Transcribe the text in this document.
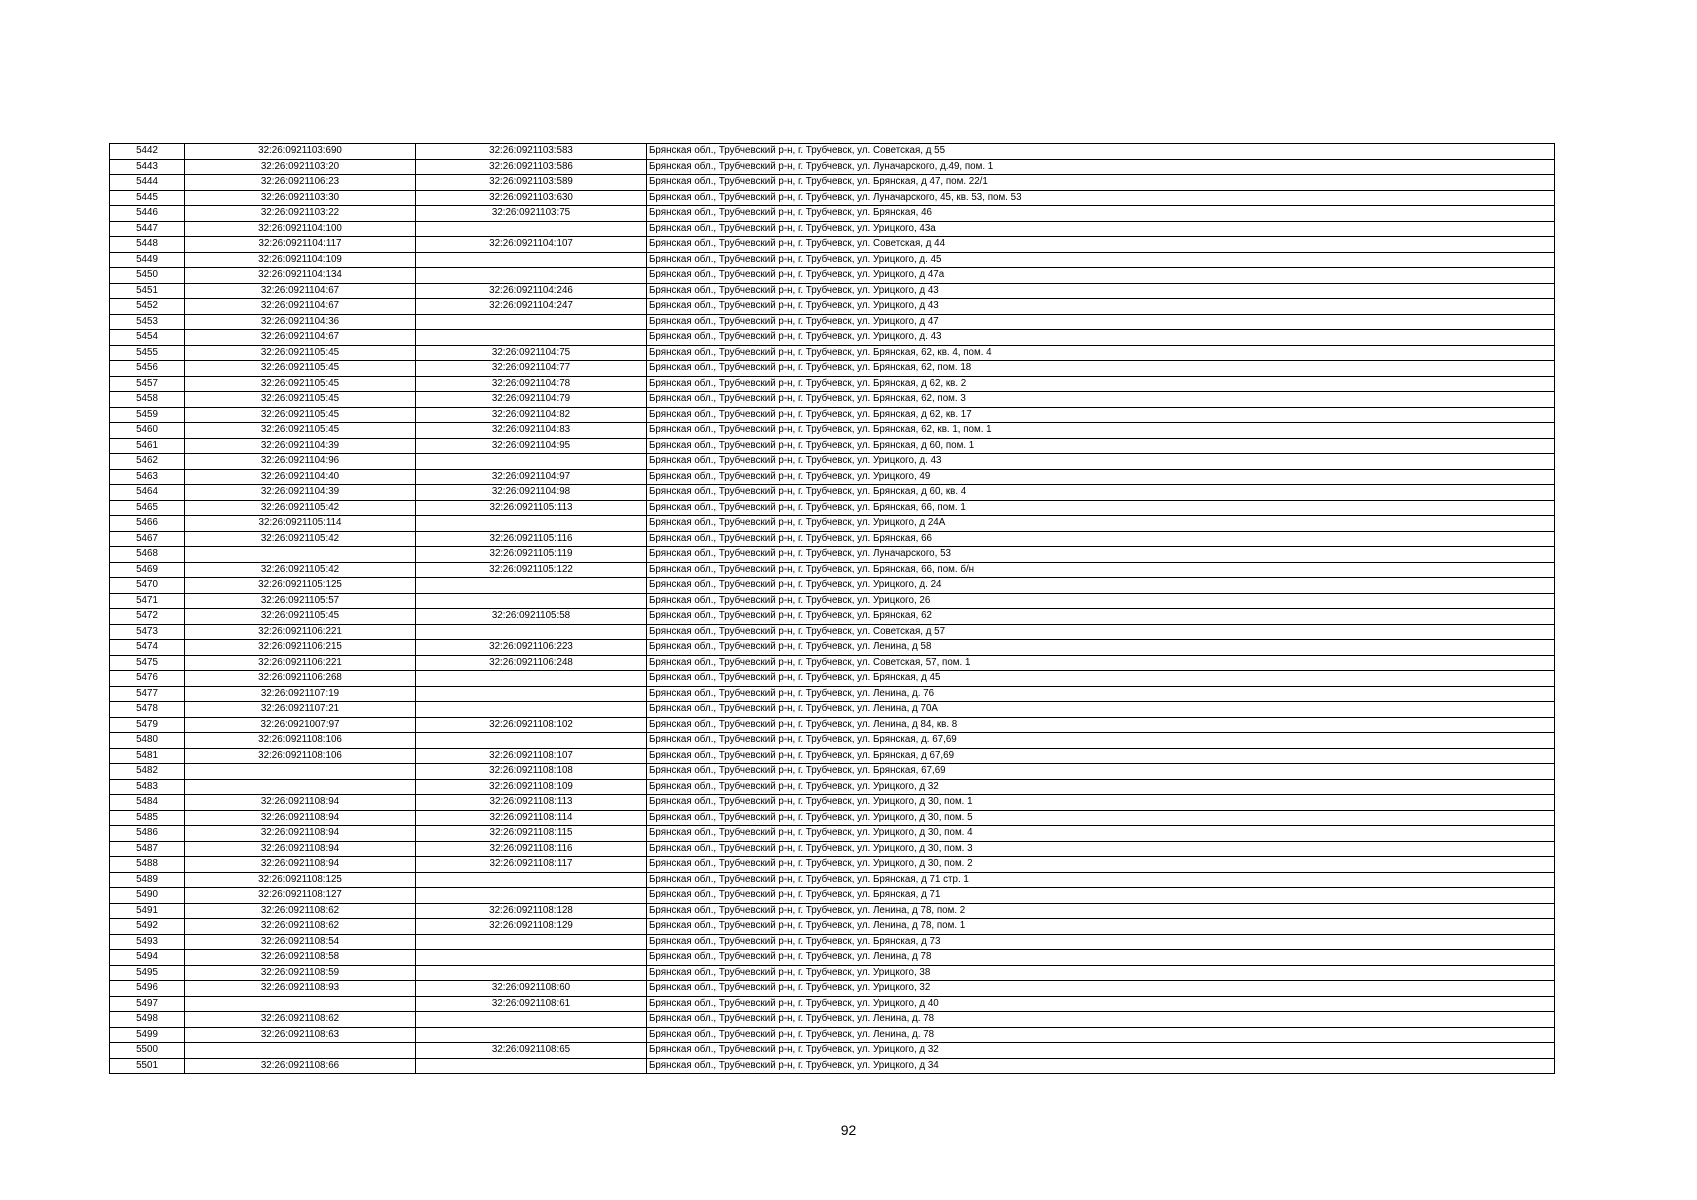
5442	32:26:0921103:690	32:26:0921103:583	Брянская обл., Трубчевский р-н, г. Трубчевск, ул. Советская, д 55
5443	32:26:0921103:20	32:26:0921103:586	Брянская обл., Трубчевский р-н, г. Трубчевск, ул. Луначарского, д.49, пом. 1
5444	32:26:0921106:23	32:26:0921103:589	Брянская обл., Трубчевский р-н, г. Трубчевск, ул. Брянская, д 47, пом. 22/1
5445	32:26:0921103:30	32:26:0921103:630	Брянская обл., Трубчевский р-н, г. Трубчевск, ул. Луначарского, 45, кв. 53, пом. 53
5446	32:26:0921103:22	32:26:0921103:75	Брянская обл., Трубчевский р-н, г. Трубчевск, ул. Брянская, 46
5447	32:26:0921104:100		Брянская обл., Трубчевский р-н, г. Трубчевск, ул. Урицкого, 43а
5448	32:26:0921104:117	32:26:0921104:107	Брянская обл., Трубчевский р-н, г. Трубчевск, ул. Советская, д 44
5449	32:26:0921104:109		Брянская обл., Трубчевский р-н, г. Трубчевск, ул. Урицкого, д. 45
5450	32:26:0921104:134		Брянская обл., Трубчевский р-н, г. Трубчевск, ул. Урицкого, д 47а
5451	32:26:0921104:67	32:26:0921104:246	Брянская обл., Трубчевский р-н, г. Трубчевск, ул. Урицкого, д 43
5452	32:26:0921104:67	32:26:0921104:247	Брянская обл., Трубчевский р-н, г. Трубчевск, ул. Урицкого, д 43
5453	32:26:0921104:36		Брянская обл., Трубчевский р-н, г. Трубчевск, ул. Урицкого, д 47
5454	32:26:0921104:67		Брянская обл., Трубчевский р-н, г. Трубчевск, ул. Урицкого, д. 43
5455	32:26:0921105:45	32:26:0921104:75	Брянская обл., Трубчевский р-н, г. Трубчевск, ул. Брянская, 62, кв. 4, пом. 4
5456	32:26:0921105:45	32:26:0921104:77	Брянская обл., Трубчевский р-н, г. Трубчевск, ул. Брянская, 62, пом. 18
5457	32:26:0921105:45	32:26:0921104:78	Брянская обл., Трубчевский р-н, г. Трубчевск, ул. Брянская, д 62, кв. 2
5458	32:26:0921105:45	32:26:0921104:79	Брянская обл., Трубчевский р-н, г. Трубчевск, ул. Брянская, 62, пом. 3
5459	32:26:0921105:45	32:26:0921104:82	Брянская обл., Трубчевский р-н, г. Трубчевск, ул. Брянская, д 62, кв. 17
5460	32:26:0921105:45	32:26:0921104:83	Брянская обл., Трубчевский р-н, г. Трубчевск, ул. Брянская, 62, кв. 1, пом. 1
5461	32:26:0921104:39	32:26:0921104:95	Брянская обл., Трубчевский р-н, г. Трубчевск, ул. Брянская, д 60, пом. 1
5462	32:26:0921104:96		Брянская обл., Трубчевский р-н, г. Трубчевск, ул. Урицкого, д. 43
5463	32:26:0921104:40	32:26:0921104:97	Брянская обл., Трубчевский р-н, г. Трубчевск, ул. Урицкого, 49
5464	32:26:0921104:39	32:26:0921104:98	Брянская обл., Трубчевский р-н, г. Трубчевск, ул. Брянская, д 60, кв. 4
5465	32:26:0921105:42	32:26:0921105:113	Брянская обл., Трубчевский р-н, г. Трубчевск, ул. Брянская, 66, пом. 1
5466	32:26:0921105:114		Брянская обл., Трубчевский р-н, г. Трубчевск, ул. Урицкого, д 24А
5467	32:26:0921105:42	32:26:0921105:116	Брянская обл., Трубчевский р-н, г. Трубчевск, ул. Брянская, 66
5468		32:26:0921105:119	Брянская обл., Трубчевский р-н, г. Трубчевск, ул. Луначарского, 53
5469	32:26:0921105:42	32:26:0921105:122	Брянская обл., Трубчевский р-н, г. Трубчевск, ул. Брянская, 66, пом. б/н
5470	32:26:0921105:125		Брянская обл., Трубчевский р-н, г. Трубчевск, ул. Урицкого, д. 24
5471	32:26:0921105:57		Брянская обл., Трубчевский р-н, г. Трубчевск, ул. Урицкого, 26
5472	32:26:0921105:45	32:26:0921105:58	Брянская обл., Трубчевский р-н, г. Трубчевск, ул. Брянская, 62
5473	32:26:0921106:221		Брянская обл., Трубчевский р-н, г. Трубчевск, ул. Советская, д 57
5474	32:26:0921106:215	32:26:0921106:223	Брянская обл., Трубчевский р-н, г. Трубчевск, ул. Ленина, д 58
5475	32:26:0921106:221	32:26:0921106:248	Брянская обл., Трубчевский р-н, г. Трубчевск, ул. Советская, 57, пом. 1
5476	32:26:0921106:268		Брянская обл., Трубчевский р-н, г. Трубчевск, ул. Брянская, д 45
5477	32:26:0921107:19		Брянская обл., Трубчевский р-н, г. Трубчевск, ул. Ленина, д. 76
5478	32:26:0921107:21		Брянская обл., Трубчевский р-н, г. Трубчевск, ул. Ленина, д 70А
5479	32:26:0921007:97	32:26:0921108:102	Брянская обл., Трубчевский р-н, г. Трубчевск, ул. Ленина, д 84, кв. 8
5480	32:26:0921108:106		Брянская обл., Трубчевский р-н, г. Трубчевск, ул. Брянская, д. 67,69
5481	32:26:0921108:106	32:26:0921108:107	Брянская обл., Трубчевский р-н, г. Трубчевск, ул. Брянская, д 67,69
5482		32:26:0921108:108	Брянская обл., Трубчевский р-н, г. Трубчевск, ул. Брянская, 67,69
5483		32:26:0921108:109	Брянская обл., Трубчевский р-н, г. Трубчевск, ул. Урицкого, д 32
5484	32:26:0921108:94	32:26:0921108:113	Брянская обл., Трубчевский р-н, г. Трубчевск, ул. Урицкого, д 30, пом. 1
5485	32:26:0921108:94	32:26:0921108:114	Брянская обл., Трубчевский р-н, г. Трубчевск, ул. Урицкого, д 30, пом. 5
5486	32:26:0921108:94	32:26:0921108:115	Брянская обл., Трубчевский р-н, г. Трубчевск, ул. Урицкого, д 30, пом. 4
5487	32:26:0921108:94	32:26:0921108:116	Брянская обл., Трубчевский р-н, г. Трубчевск, ул. Урицкого, д 30, пом. 3
5488	32:26:0921108:94	32:26:0921108:117	Брянская обл., Трубчевский р-н, г. Трубчевск, ул. Урицкого, д 30, пом. 2
5489	32:26:0921108:125		Брянская обл., Трубчевский р-н, г. Трубчевск, ул. Брянская, д 71 стр. 1
5490	32:26:0921108:127		Брянская обл., Трубчевский р-н, г. Трубчевск, ул. Брянская, д 71
5491	32:26:0921108:62	32:26:0921108:128	Брянская обл., Трубчевский р-н, г. Трубчевск, ул. Ленина, д 78, пом. 2
5492	32:26:0921108:62	32:26:0921108:129	Брянская обл., Трубчевский р-н, г. Трубчевск, ул. Ленина, д 78, пом. 1
5493	32:26:0921108:54		Брянская обл., Трубчевский р-н, г. Трубчевск, ул. Брянская, д 73
5494	32:26:0921108:58		Брянская обл., Трубчевский р-н, г. Трубчевск, ул. Ленина, д 78
5495	32:26:0921108:59		Брянская обл., Трубчевский р-н, г. Трубчевск, ул. Урицкого, 38
5496	32:26:0921108:93	32:26:0921108:60	Брянская обл., Трубчевский р-н, г. Трубчевск, ул. Урицкого, 32
5497		32:26:0921108:61	Брянская обл., Трубчевский р-н, г. Трубчевск, ул. Урицкого, д 40
5498	32:26:0921108:62		Брянская обл., Трубчевский р-н, г. Трубчевск, ул. Ленина, д. 78
5499	32:26:0921108:63		Брянская обл., Трубчевский р-н, г. Трубчевск, ул. Ленина, д. 78
5500		32:26:0921108:65	Брянская обл., Трубчевский р-н, г. Трубчевск, ул. Урицкого, д 32
5501	32:26:0921108:66		Брянская обл., Трубчевский р-н, г. Трубчевск, ул. Урицкого, д 34
92
